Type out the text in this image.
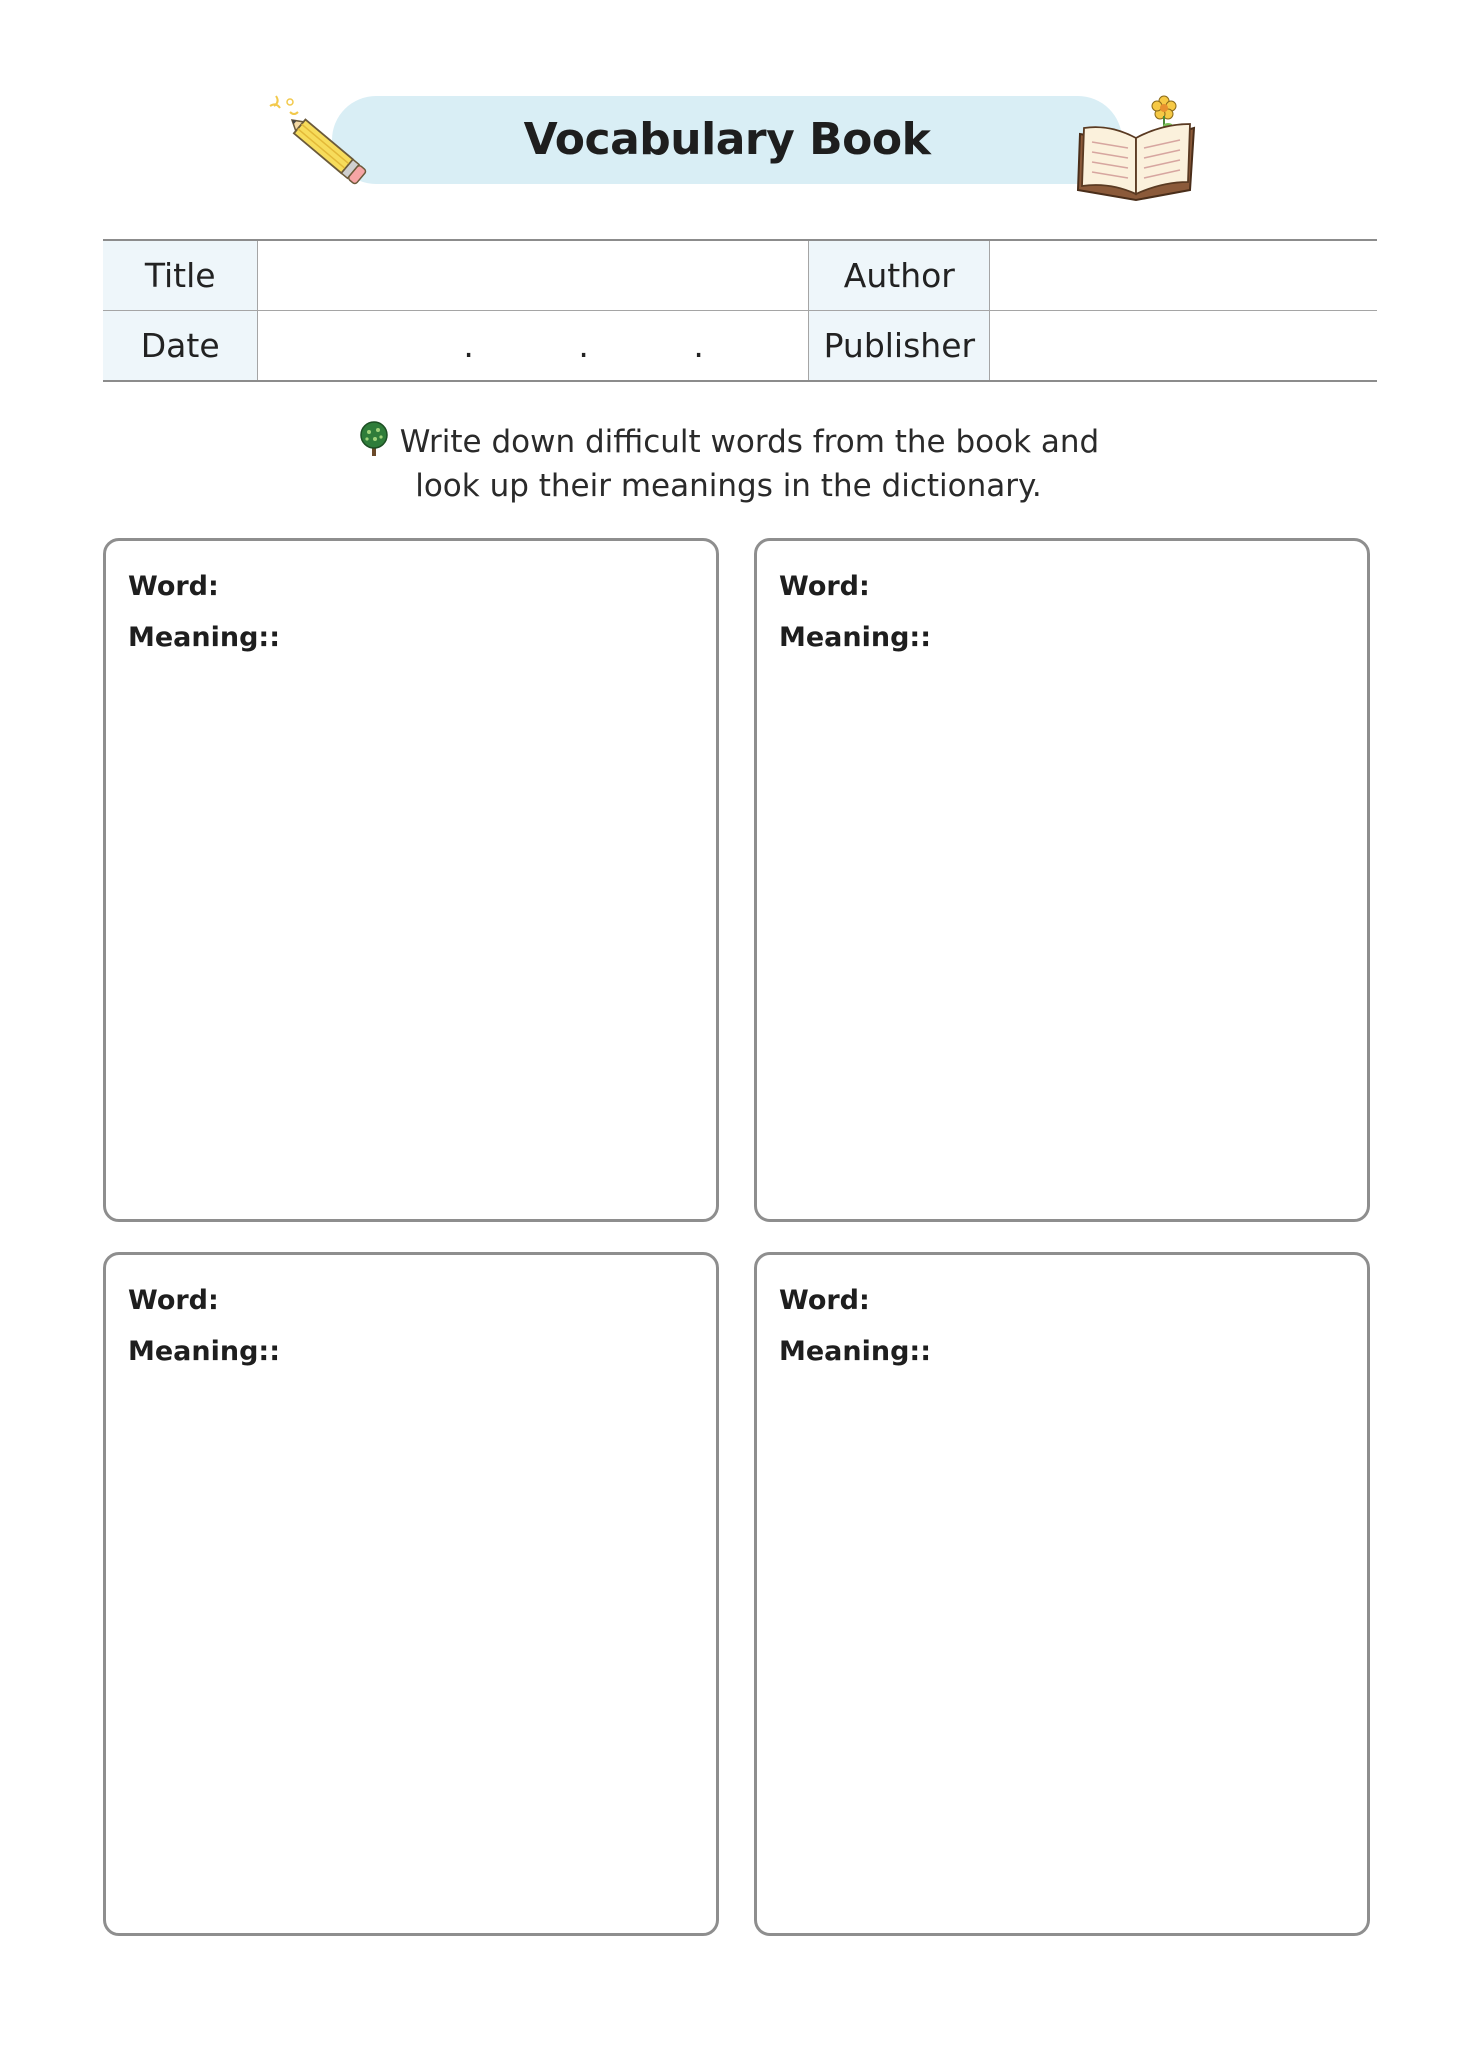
Vocabulary Book
Title		Author	
Date	. . .	Publisher	
Write down difficult words from the book and
look up their meanings in the dictionary.
Word:
Meaning::
Word:
Meaning::
Word:
Meaning::
Word:
Meaning::
